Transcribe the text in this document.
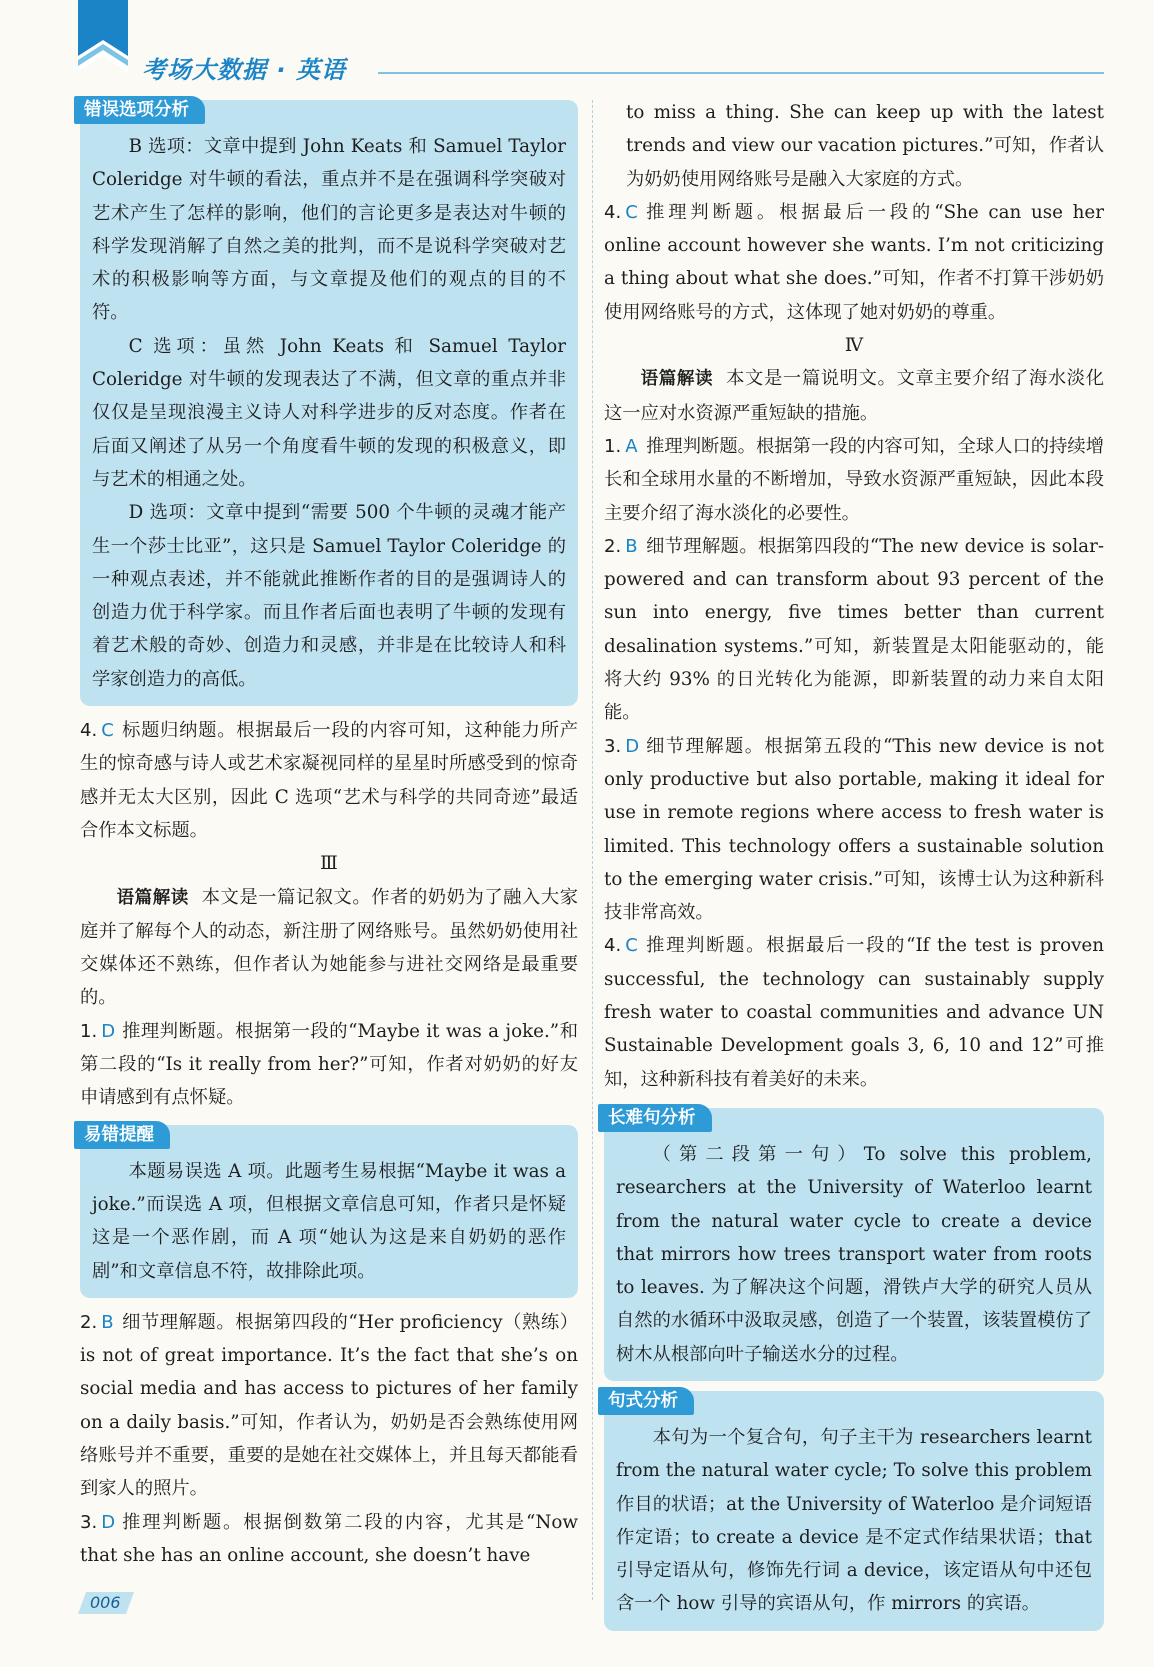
考场大数据 · 英语
错误选项分析

B 选项：文章中提到 John Keats 和 Samuel Taylor Coleridge 对牛顿的看法，重点并不是在强调科学突破对艺术产生了怎样的影响，他们的言论更多是表达对牛顿的科学发现消解了自然之美的批判，而不是说科学突破对艺术的积极影响等方面，与文章提及他们的观点的目的不符。

C 选项：虽然 John Keats 和 Samuel Taylor Coleridge 对牛顿的发现表达了不满，但文章的重点并非仅仅是呈现浪漫主义诗人对科学进步的反对态度。作者在后面又阐述了从另一个角度看牛顿的发现的积极意义，即与艺术的相通之处。

D 选项：文章中提到“需要 500 个牛顿的灵魂才能产生一个莎士比亚”，这只是 Samuel Taylor Coleridge 的一种观点表述，并不能就此推断作者的目的是强调诗人的创造力优于科学家。而且作者后面也表明了牛顿的发现有着艺术般的奇妙、创造力和灵感，并非是在比较诗人和科学家创造力的高低。

4. C 标题归纳题。根据最后一段的内容可知，这种能力所产生的惊奇感与诗人或艺术家凝视同样的星星时所感受到的惊奇感并无太大区别，因此 C 选项“艺术与科学的共同奇迹”最适合作本文标题。

Ⅲ

语篇解读 本文是一篇记叙文。作者的奶奶为了融入大家庭并了解每个人的动态，新注册了网络账号。虽然奶奶使用社交媒体还不熟练，但作者认为她能参与进社交网络是最重要的。

1. D 推理判断题。根据第一段的“Maybe it was a joke.”和第二段的“Is it really from her?”可知，作者对奶奶的好友申请感到有点怀疑。

易错提醒

本题易误选 A 项。此题考生易根据“Maybe it was a joke.”而误选 A 项，但根据文章信息可知，作者只是怀疑这是一个恶作剧，而 A 项“她认为这是来自奶奶的恶作剧”和文章信息不符，故排除此项。

2. B 细节理解题。根据第四段的“Her proficiency（熟练）is not of great importance. It’s the fact that she’s on social media and has access to pictures of her family on a daily basis.”可知，作者认为，奶奶是否会熟练使用网络账号并不重要，重要的是她在社交媒体上，并且每天都能看到家人的照片。

3. D 推理判断题。根据倒数第二段的内容，尤其是“Now that she has an online account, she doesn’t have

to miss a thing. She can keep up with the latest trends and view our vacation pictures.”可知，作者认为奶奶使用网络账号是融入大家庭的方式。

4. C 推理判断题。根据最后一段的“She can use her online account however she wants. I’m not criticizing a thing about what she does.”可知，作者不打算干涉奶奶使用网络账号的方式，这体现了她对奶奶的尊重。

Ⅳ

语篇解读 本文是一篇说明文。文章主要介绍了海水淡化这一应对水资源严重短缺的措施。

1. A 推理判断题。根据第一段的内容可知，全球人口的持续增长和全球用水量的不断增加，导致水资源严重短缺，因此本段主要介绍了海水淡化的必要性。

2. B 细节理解题。根据第四段的“The new device is solar-powered and can transform about 93 percent of the sun into energy, five times better than current desalination systems.”可知，新装置是太阳能驱动的，能将大约 93% 的日光转化为能源，即新装置的动力来自太阳能。

3. D 细节理解题。根据第五段的“This new device is not only productive but also portable, making it ideal for use in remote regions where access to fresh water is limited. This technology offers a sustainable solution to the emerging water crisis.”可知，该博士认为这种新科技非常高效。

4. C 推理判断题。根据最后一段的“If the test is proven successful, the technology can sustainably supply fresh water to coastal communities and advance UN Sustainable Development goals 3, 6, 10 and 12”可推知，这种新科技有着美好的未来。

长难句分析

（第二段第一句）To solve this problem, researchers at the University of Waterloo learnt from the natural water cycle to create a device that mirrors how trees transport water from roots to leaves. 为了解决这个问题，滑铁卢大学的研究人员从自然的水循环中汲取灵感，创造了一个装置，该装置模仿了树木从根部向叶子输送水分的过程。

句式分析

本句为一个复合句，句子主干为 researchers learnt from the natural water cycle; To solve this problem 作目的状语；at the University of Waterloo 是介词短语作定语；to create a device 是不定式作结果状语；that 引导定语从句，修饰先行词 a device，该定语从句中还包含一个 how 引导的宾语从句，作 mirrors 的宾语。

006
